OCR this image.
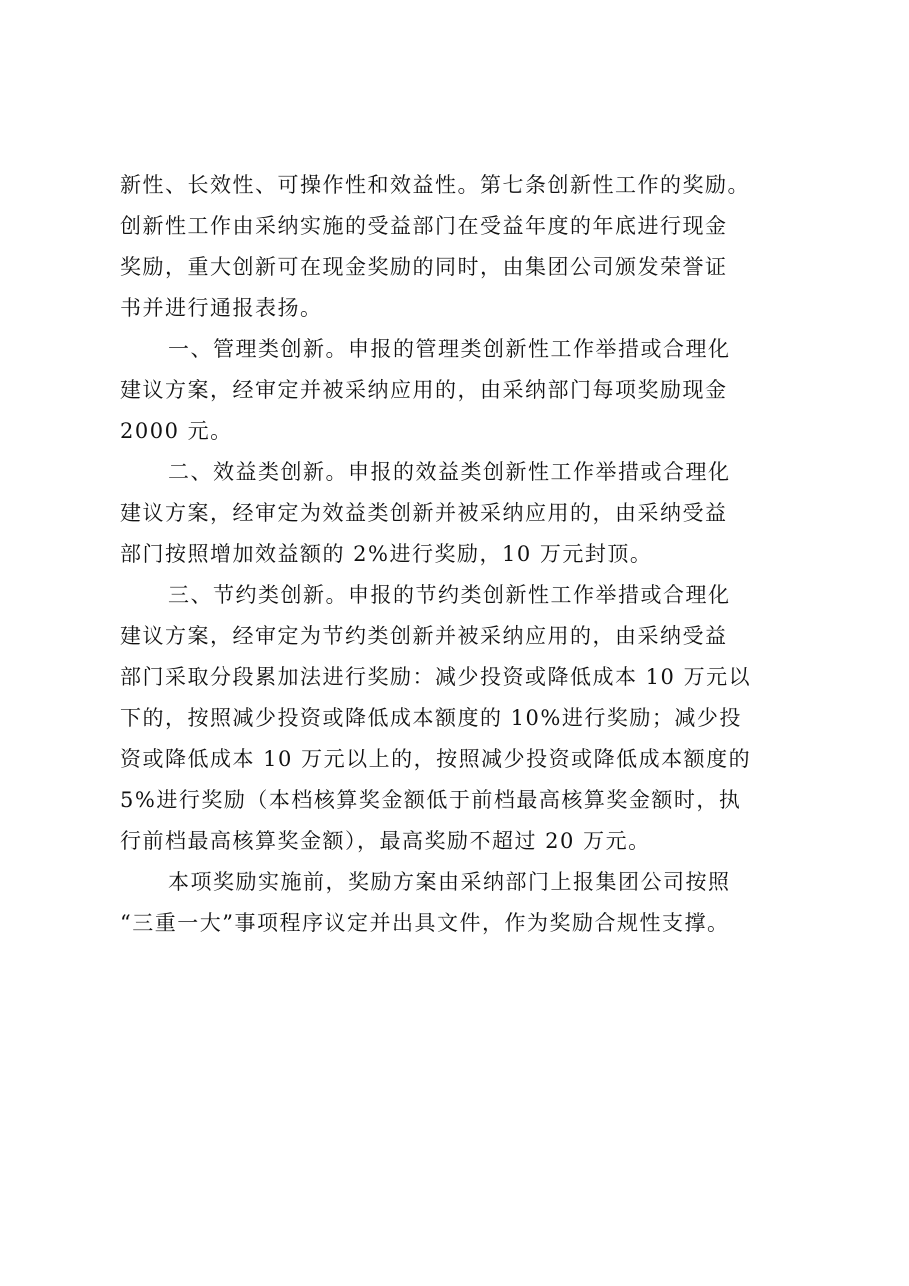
新性、长效性、可操作性和效益性。第七条创新性工作的奖励。

创新性工作由采纳实施的受益部门在受益年度的年底进行现金

奖励，重大创新可在现金奖励的同时，由集团公司颁发荣誉证

书并进行通报表扬。

一、管理类创新。申报的管理类创新性工作举措或合理化

建议方案，经审定并被采纳应用的，由采纳部门每项奖励现金

2000 元。

二、效益类创新。申报的效益类创新性工作举措或合理化

建议方案，经审定为效益类创新并被采纳应用的，由采纳受益

部门按照增加效益额的 2%进行奖励，10 万元封顶。

三、节约类创新。申报的节约类创新性工作举措或合理化

建议方案，经审定为节约类创新并被采纳应用的，由采纳受益

部门采取分段累加法进行奖励：减少投资或降低成本 10 万元以

下的，按照减少投资或降低成本额度的 10%进行奖励；减少投

资或降低成本 10 万元以上的，按照减少投资或降低成本额度的

5%进行奖励（本档核算奖金额低于前档最高核算奖金额时，执

行前档最高核算奖金额），最高奖励不超过 20 万元。

本项奖励实施前，奖励方案由采纳部门上报集团公司按照

“三重一大”事项程序议定并出具文件，作为奖励合规性支撑。
